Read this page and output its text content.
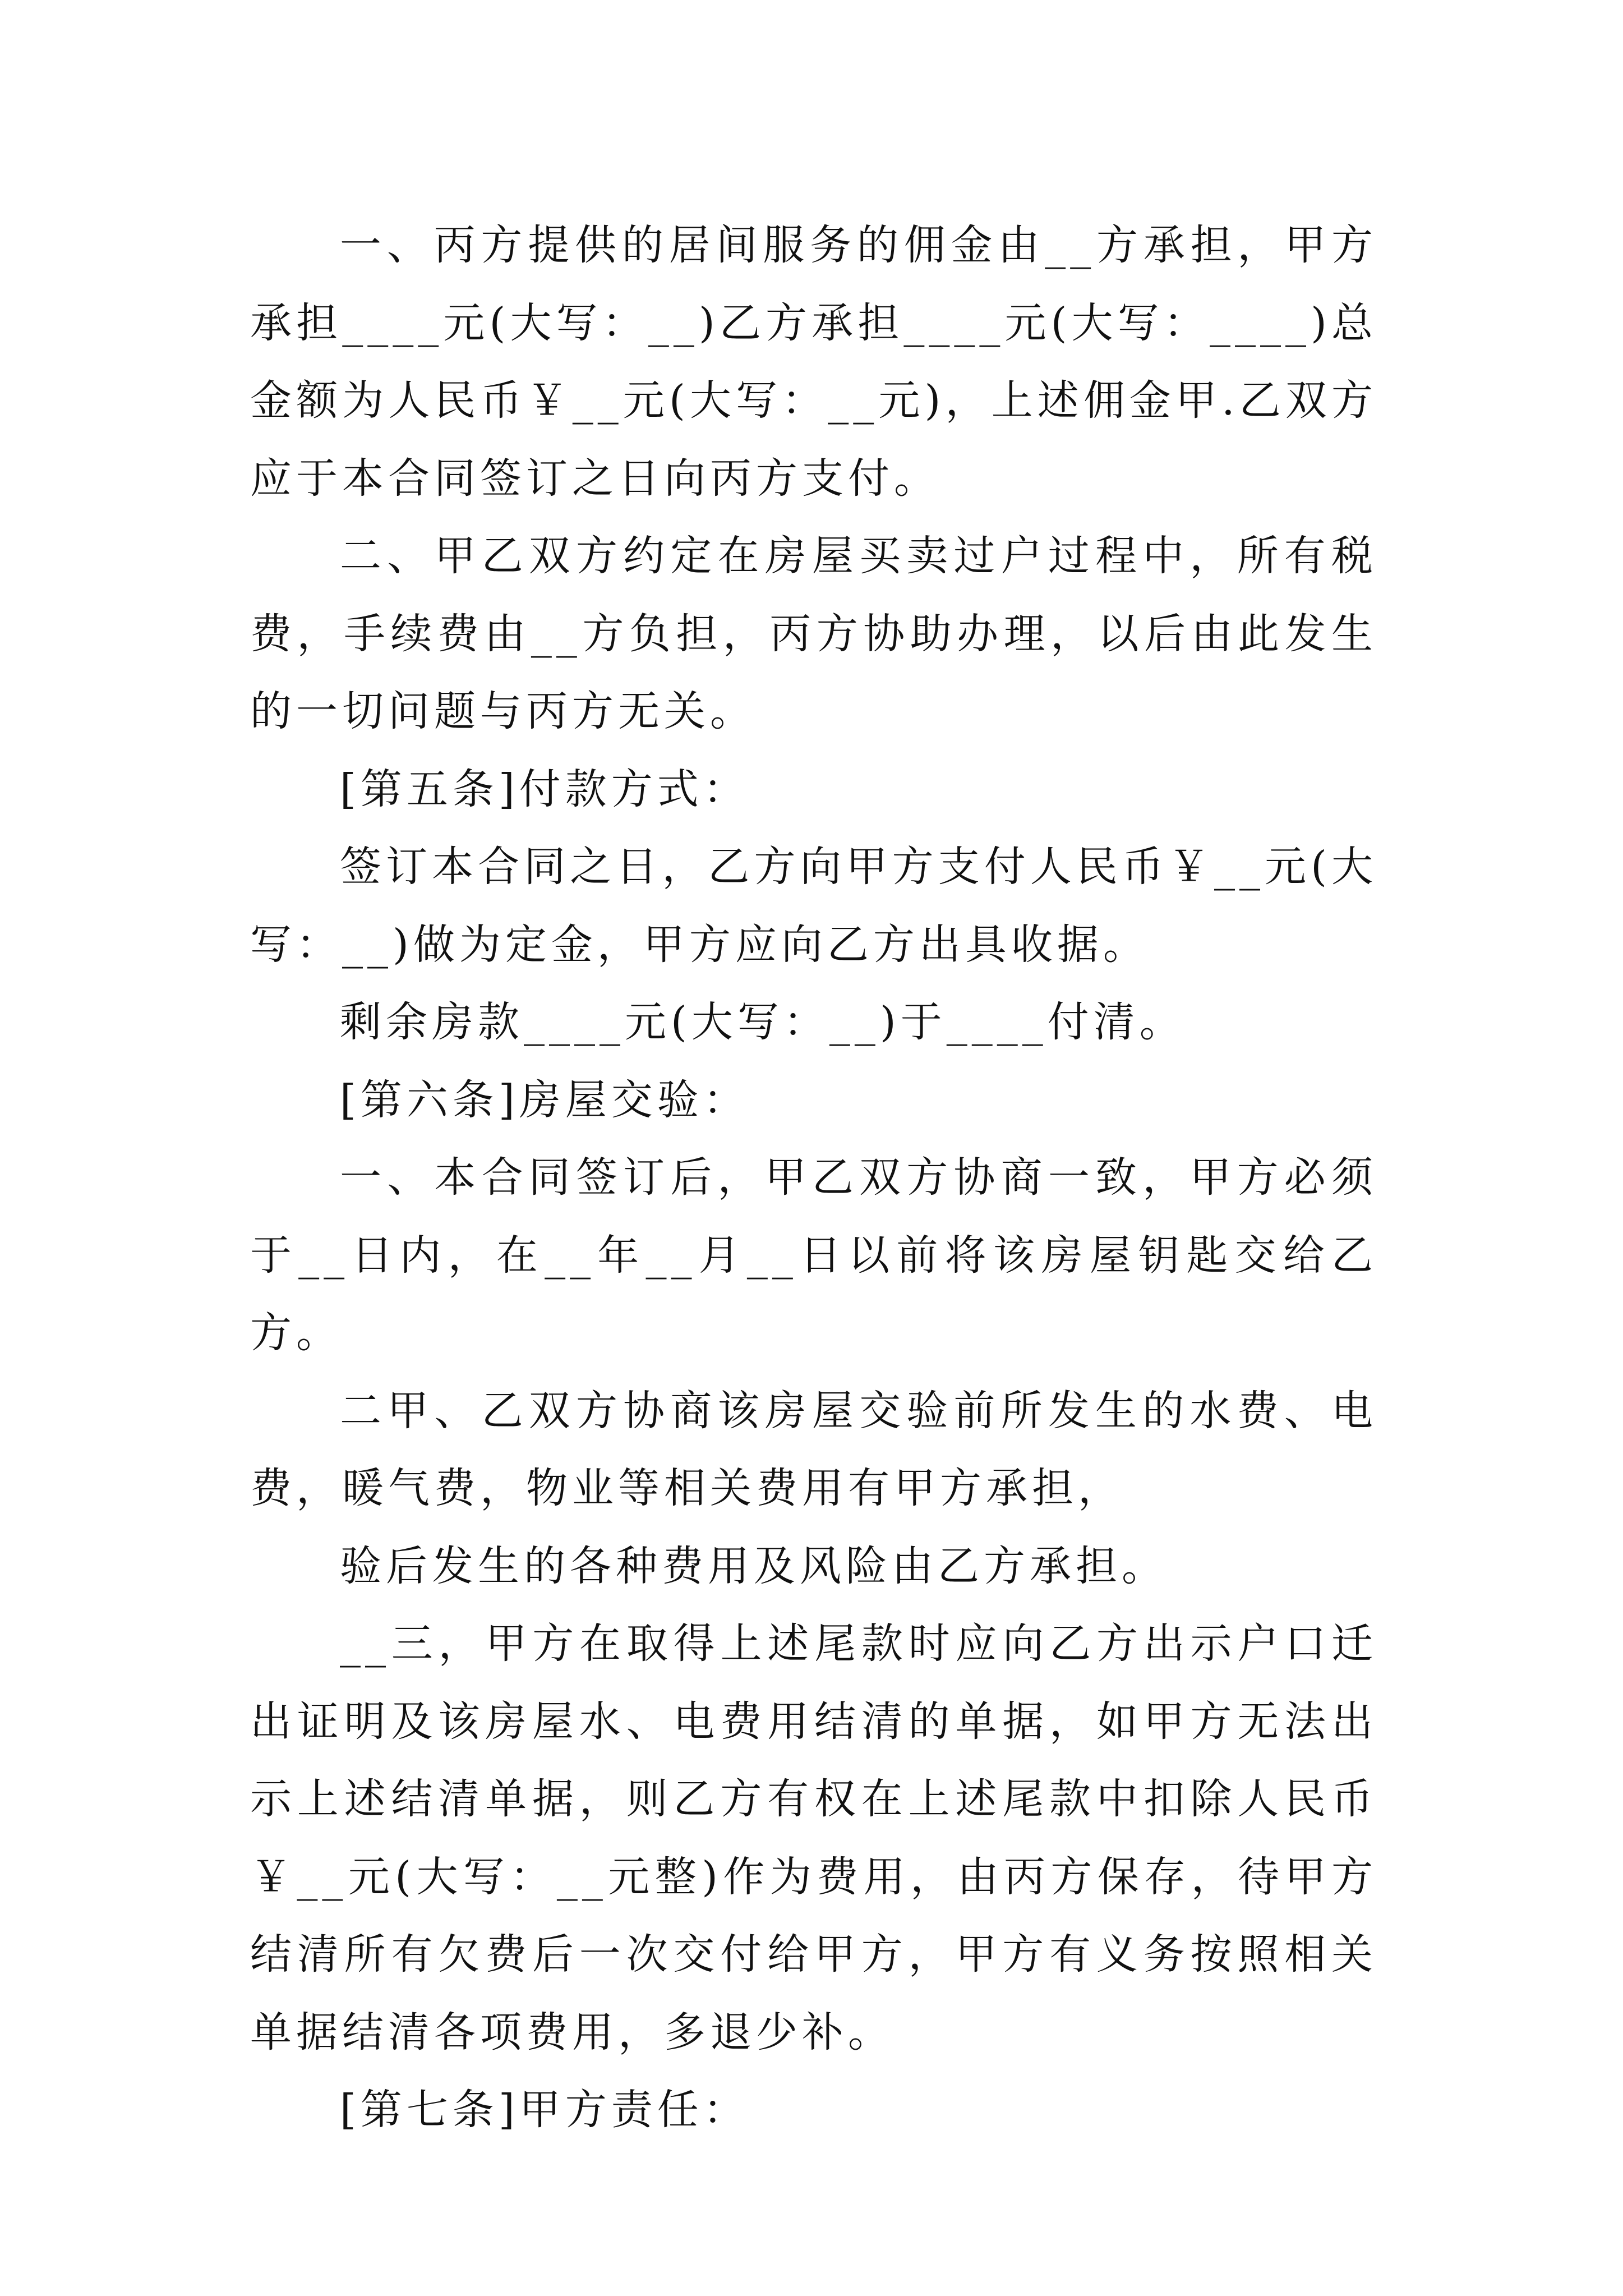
一、丙方提供的居间服务的佣金由__方承担，甲方承担____元(大写：__)乙方承担____元(大写：____)总金额为人民币￥__元(大写：__元)，上述佣金甲.乙双方应于本合同签订之日向丙方支付。

二、甲乙双方约定在房屋买卖过户过程中，所有税费，手续费由__方负担，丙方协助办理，以后由此发生的一切问题与丙方无关。

[第五条]付款方式：

签订本合同之日，乙方向甲方支付人民币￥__元(大写：__)做为定金，甲方应向乙方出具收据。

剩余房款____元(大写：__)于____付清。

[第六条]房屋交验：

一、本合同签订后，甲乙双方协商一致，甲方必须于__日内，在__年__月__日以前将该房屋钥匙交给乙方。

二甲、乙双方协商该房屋交验前所发生的水费、电费，暖气费，物业等相关费用有甲方承担，

验后发生的各种费用及风险由乙方承担。

__三，甲方在取得上述尾款时应向乙方出示户口迁出证明及该房屋水、电费用结清的单据，如甲方无法出示上述结清单据，则乙方有权在上述尾款中扣除人民币￥__元(大写：__元整)作为费用，由丙方保存，待甲方结清所有欠费后一次交付给甲方，甲方有义务按照相关单据结清各项费用，多退少补。

[第七条]甲方责任：
